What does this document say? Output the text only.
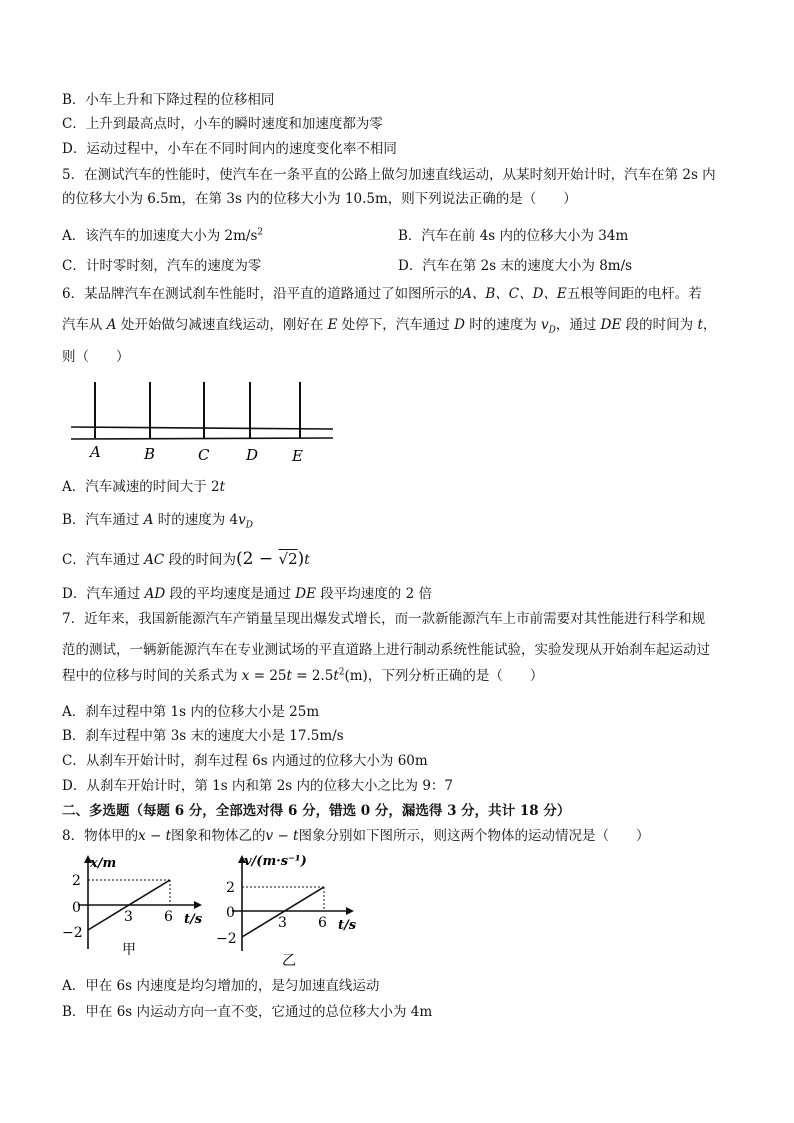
B．小车上升和下降过程的位移相同
C．上升到最高点时，小车的瞬时速度和加速度都为零
D．运动过程中，小车在不同时间内的速度变化率不相同
5．在测试汽车的性能时，使汽车在一条平直的公路上做匀加速直线运动，从某时刻开始计时，汽车在第 2s 内
的位移大小为 6.5m，在第 3s 内的位移大小为 10.5m，则下列说法正确的是（　　）
A．该汽车的加速度大小为 $2m/s^2$	B．汽车在前 4s 内的位移大小为 34m
C．计时零时刻，汽车的速度为零	D．汽车在第 2s 末的速度大小为 8m/s
6．某品牌汽车在测试刹车性能时，沿平直的道路通过了如图所示的A、B、C、D、E五根等间距的电杆。若
汽车从 A 处开始做匀减速直线运动，刚好在 E 处停下，汽车通过 D 时的速度为 $v_D$，通过 DE 段的时间为 t，
则（　　）
A	B	C D E
A．汽车减速的时间大于 2t
B．汽车通过 A 时的速度为 $4v_D$
C．汽车通过 AC 段的时间为(2 − √2)t
D．汽车通过 AD 段的平均速度是通过 DE 段平均速度的 2 倍
7．近年来，我国新能源汽车产销量呈现出爆发式增长，而一款新能源汽车上市前需要对其性能进行科学和规
范的测试，一辆新能源汽车在专业测试场的平直道路上进行制动系统性能试验，实验发现从开始刹车起运动过
程中的位移与时间的关系式为 $x = 25t = 2.5t^2(m)$，下列分析正确的是（　　）
A．刹车过程中第 1s 内的位移大小是 25m
B．刹车过程中第 3s 末的速度大小是 17.5m/s
C．从刹车开始计时，刹车过程 6s 内通过的位移大小为 60m
D．从刹车开始计时，第 1s 内和第 2s 内的位移大小之比为 9：7
二、多选题（每题 6 分，全部选对得 6 分，错选 0 分，漏选得 3 分，共计 18 分）
8．物体甲的x − t图象和物体乙的v − t图象分别如下图所示，则这两个物体的运动情况是（　　）
x/m
2
0
−2
3 6 t/s
甲
v/(m·s⁻¹)
2
0
−2
3 6 t/s
乙
A．甲在 6s 内速度是均匀增加的，是匀加速直线运动
B．甲在 6s 内运动方向一直不变，它通过的总位移大小为 4m
